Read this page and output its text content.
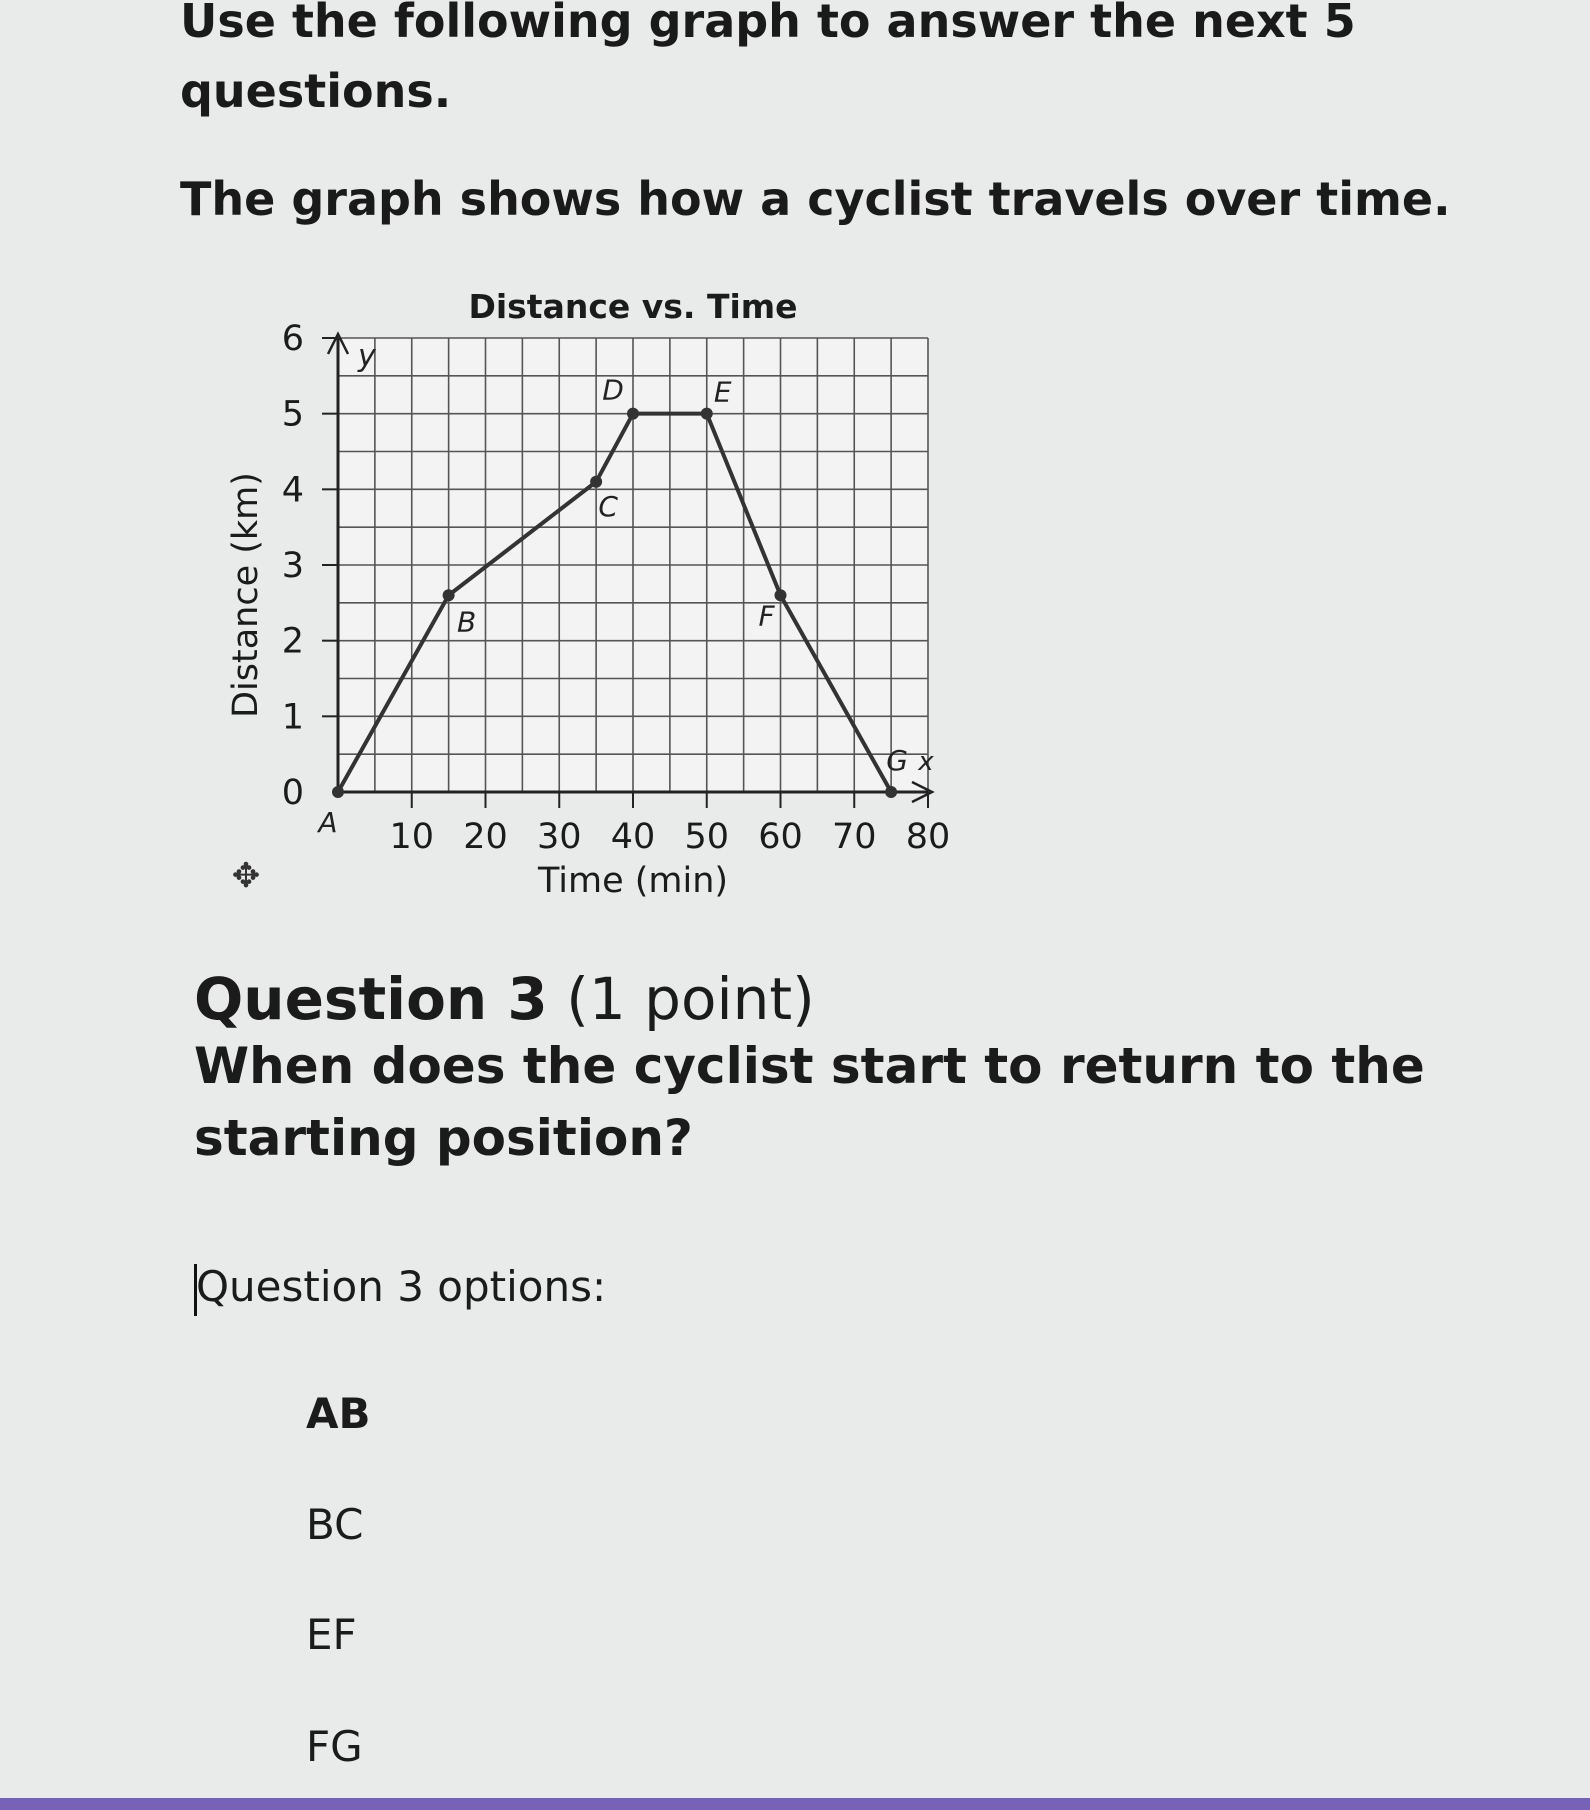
Use the following graph to answer the next 5

questions.

The graph shows how a cyclist travels over time.

x
y
Distance vs. Time
10 20 30 40 50 60 70 80
1
2
3
4
5
6
0
Time (min)
Distance (km)
A
B
C
D	E
F
G
✥

Question 3 (1 point)

When does the cyclist start to return to the starting position?

Question 3 options:

AB
BC
EF
FG
